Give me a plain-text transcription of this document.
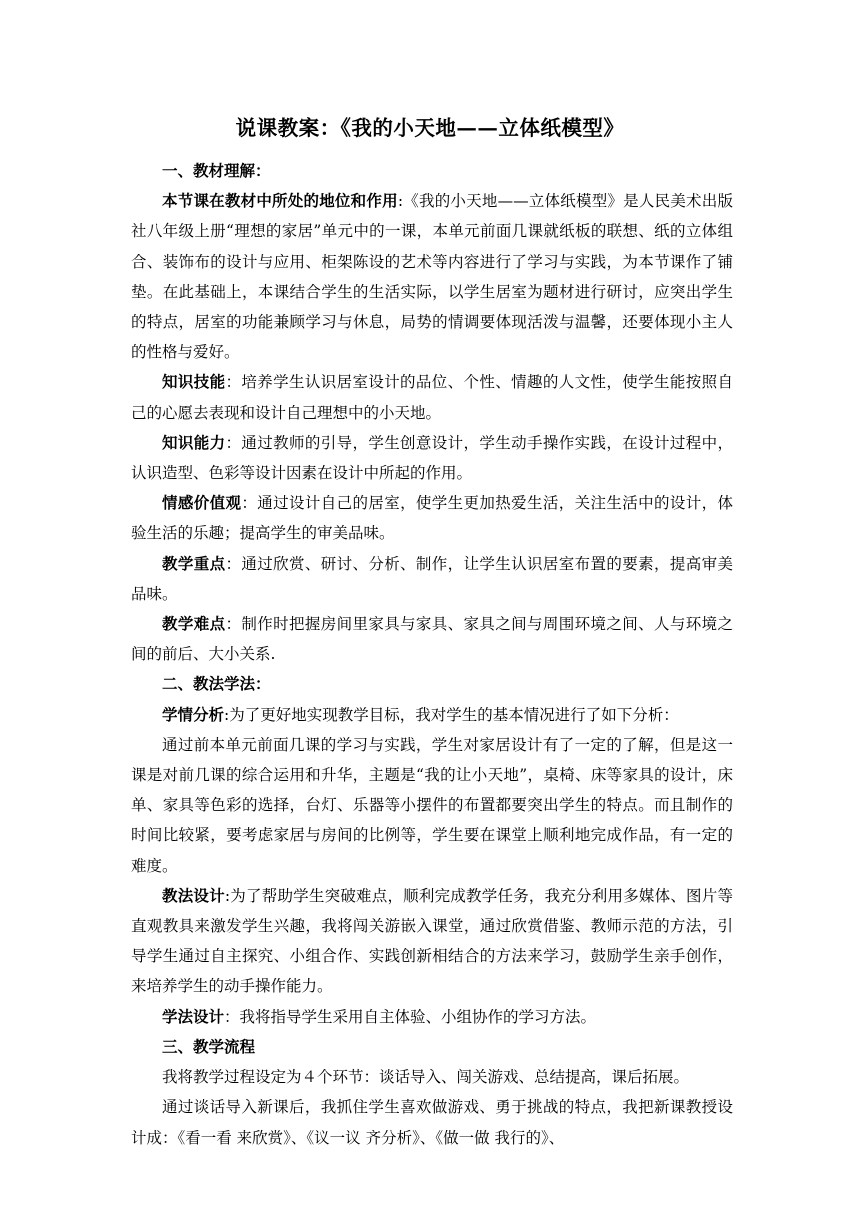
说课教案：《我的小天地——立体纸模型》

一、教材理解：

本节课在教材中所处的地位和作用:《我的小天地——立体纸模型》是人民美术出版社八年级上册“理想的家居”单元中的一课，本单元前面几课就纸板的联想、纸的立体组合、装饰布的设计与应用、柜架陈设的艺术等内容进行了学习与实践，为本节课作了铺垫。在此基础上，本课结合学生的生活实际，以学生居室为题材进行研讨，应突出学生的特点，居室的功能兼顾学习与休息，局势的情调要体现活泼与温馨，还要体现小主人的性格与爱好。

知识技能：培养学生认识居室设计的品位、个性、情趣的人文性，使学生能按照自己的心愿去表现和设计自己理想中的小天地。

知识能力：通过教师的引导，学生创意设计，学生动手操作实践，在设计过程中，认识造型、色彩等设计因素在设计中所起的作用。

情感价值观：通过设计自己的居室，使学生更加热爱生活，关注生活中的设计，体验生活的乐趣；提高学生的审美品味。

教学重点：通过欣赏、研讨、分析、制作，让学生认识居室布置的要素，提高审美品味。

教学难点：制作时把握房间里家具与家具、家具之间与周围环境之间、人与环境之间的前后、大小关系.

二、教法学法：

学情分析:为了更好地实现教学目标，我对学生的基本情况进行了如下分析：

通过前本单元前面几课的学习与实践，学生对家居设计有了一定的了解，但是这一课是对前几课的综合运用和升华，主题是“我的让小天地”，桌椅、床等家具的设计，床单、家具等色彩的选择，台灯、乐器等小摆件的布置都要突出学生的特点。而且制作的时间比较紧，要考虑家居与房间的比例等，学生要在课堂上顺利地完成作品，有一定的难度。

教法设计:为了帮助学生突破难点，顺利完成教学任务，我充分利用多媒体、图片等直观教具来激发学生兴趣，我将闯关游嵌入课堂，通过欣赏借鉴、教师示范的方法，引导学生通过自主探究、小组合作、实践创新相结合的方法来学习，鼓励学生亲手创作，来培养学生的动手操作能力。

学法设计：我将指导学生采用自主体验、小组协作的学习方法。

三、教学流程

我将教学过程设定为４个环节：谈话导入、闯关游戏、总结提高，课后拓展。

通过谈话导入新课后，我抓住学生喜欢做游戏、勇于挑战的特点，我把新课教授设计成：《看一看 来欣赏》、《议一议 齐分析》、《做一做 我行的》、
